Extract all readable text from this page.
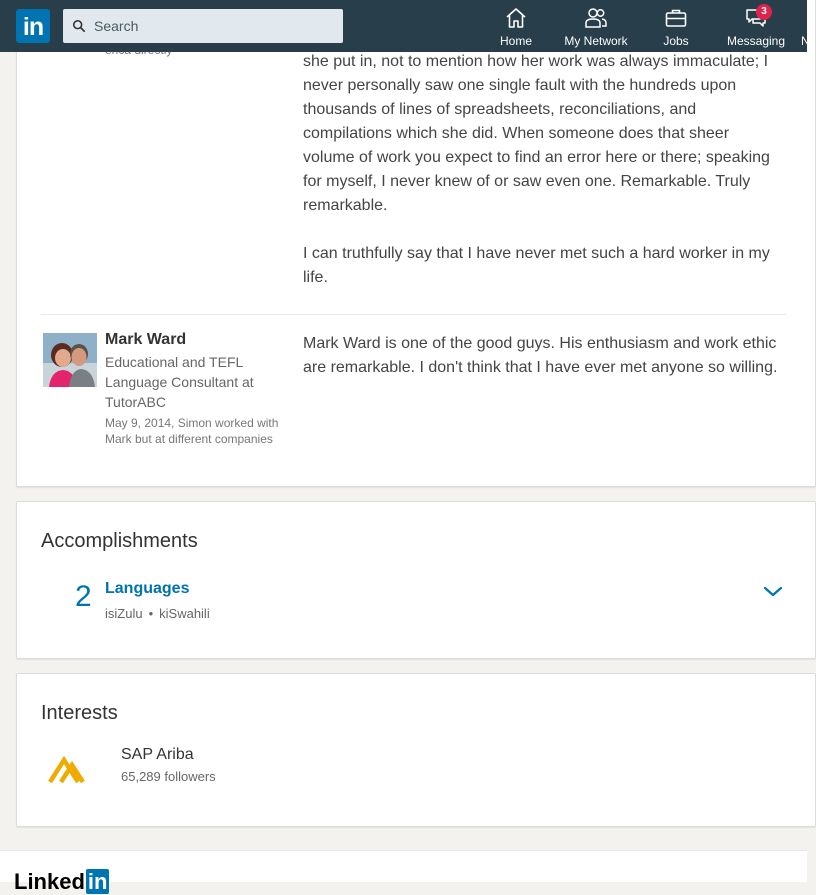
in
Search	Home	My Network	Jobs
3
Messaging N
she put in, not to mention how her work was always immaculate; I
never personally saw one single fault with the hundreds upon
thousands of lines of spreadsheets, reconciliations, and
compilations which she did. When someone does that sheer
volume of work you expect to find an error here or there; speaking
for myself, I never knew of or saw even one. Remarkable. Truly
remarkable.
I can truthfully say that I have never met such a hard worker in my
life.
Mark Ward
Educational and TEFL Language Consultant at TutorABC
May 9, 2014, Simon worked with Mark but at different companies
Mark Ward is one of the good guys. His enthusiasm and work ethic are remarkable. I don't think that I have ever met anyone so willing.
Accomplishments
2 Languages
isiZulu • kiSwahili
Interests
SAP Ariba
65,289 followers
Linked in
